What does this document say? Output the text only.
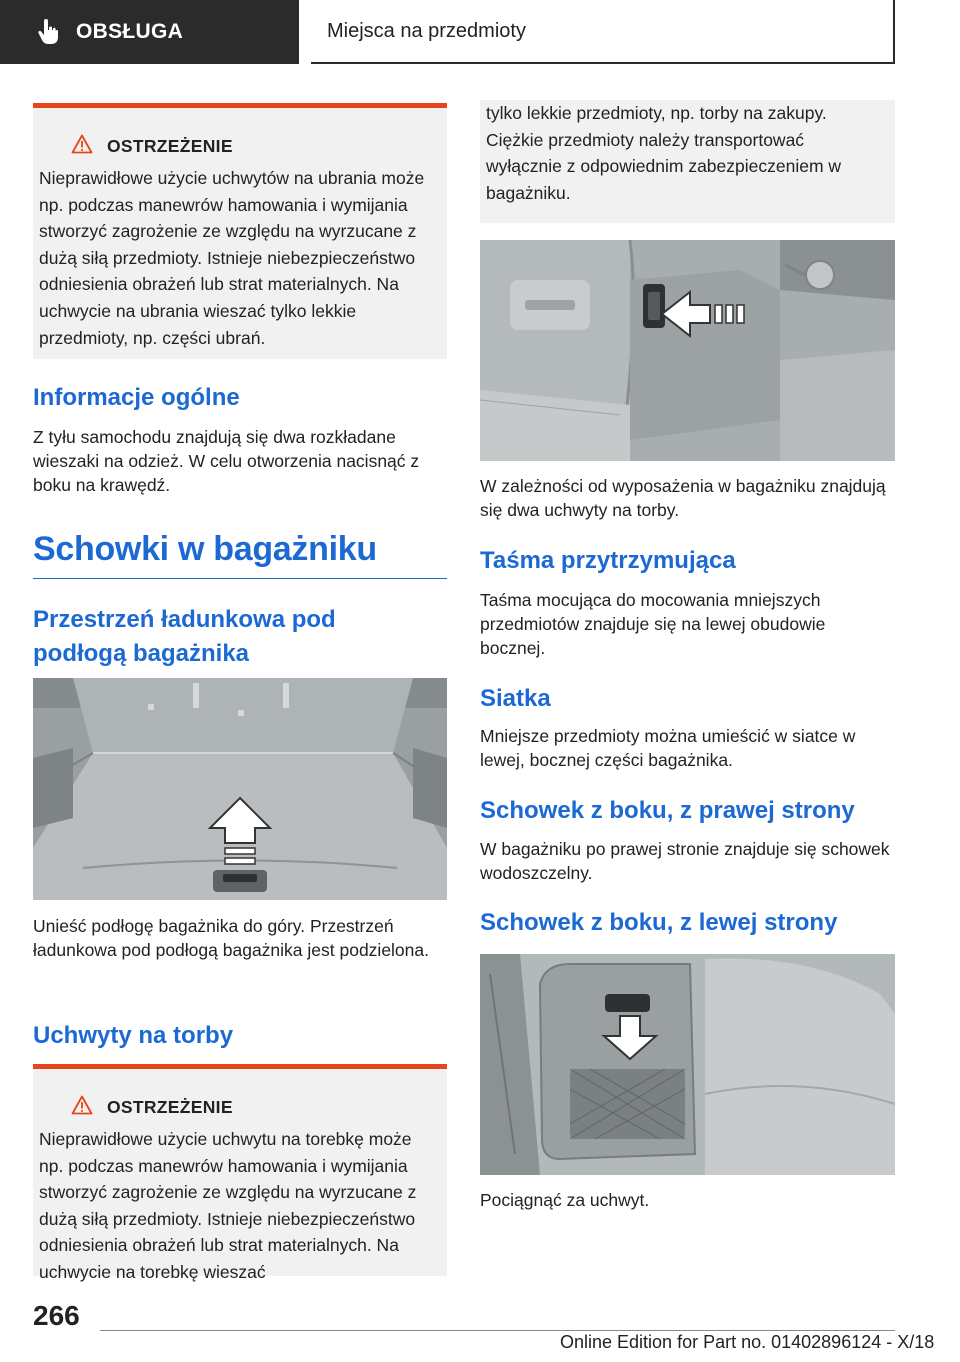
OBSŁUGA	Miejsca na przedmioty
OSTRZEŻENIE

Nieprawidłowe użycie uchwytów na ubrania może np. podczas manewrów hamowania i wymijania stworzyć zagrożenie ze względu na wyrzucane z dużą siłą przedmioty. Istnieje niebezpieczeństwo odniesienia obrażeń lub strat materialnych. Na uchwycie na ubrania wieszać tylko lekkie przedmioty, np. części ubrań.

Informacje ogólne

Z tyłu samochodu znajdują się dwa rozkładane wieszaki na odzież. W celu otworzenia nacisnąć z boku na krawędź.

Schowki w bagażniku
Przestrzeń ładunkowa pod podłogą bagażnika

Unieść podłogę bagażnika do góry. Przestrzeń ładunkowa pod podłogą bagażnika jest podzielona.

Uchwyty na torby
OSTRZEŻENIE

Nieprawidłowe użycie uchwytu na torebkę może np. podczas manewrów hamowania i wymijania stworzyć zagrożenie ze względu na wyrzucane z dużą siłą przedmioty. Istnieje niebezpieczeństwo odniesienia obrażeń lub strat materialnych. Na uchwycie na torebkę wieszać

tylko lekkie przedmioty, np. torby na zakupy. Ciężkie przedmioty należy transportować wyłącznie z odpowiednim zabezpieczeniem w bagażniku.

W zależności od wyposażenia w bagażniku znajdują się dwa uchwyty na torby.

Taśma przytrzymująca

Taśma mocująca do mocowania mniejszych przedmiotów znajduje się na lewej obudowie bocznej.

Siatka

Mniejsze przedmioty można umieścić w siatce w lewej, bocznej części bagażnika.

Schowek z boku, z prawej strony

W bagażniku po prawej stronie znajduje się schowek wodoszczelny.

Schowek z boku, z lewej strony

Pociągnąć za uchwyt.

266
Online Edition for Part no. 01402896124 - X/18
